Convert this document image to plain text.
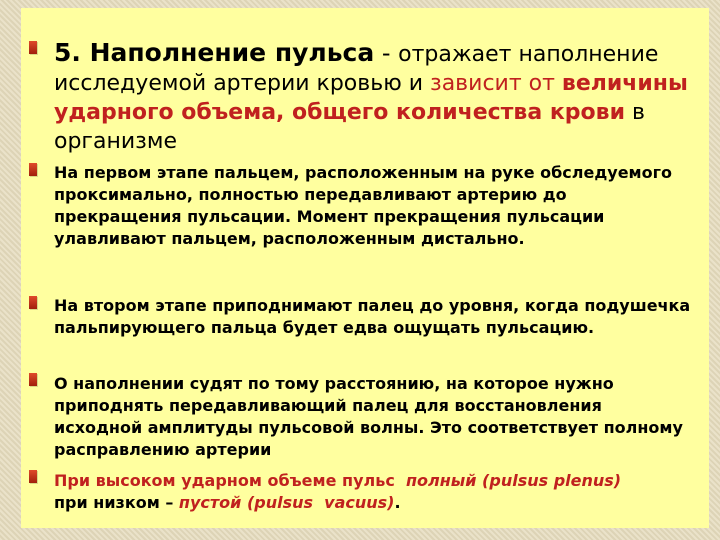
5. Наполнение пульса - отражает наполнение исследуемой артерии кровью и зависит от величины ударного объема, общего количества крови в организме
На первом этапе пальцем, расположенным на руке обследуемого проксимально, полностью передавливают артерию до прекращения пульсации. Момент прекращения пульсации улавливают пальцем, расположенным дистально.
На втором этапе приподнимают палец до уровня, когда подушечка пальпирующего пальца будет едва ощущать пульсацию.
О наполнении судят по тому расстоянию, на которое нужно приподнять передавливающий палец для восстановления исходной амплитуды пульсовой волны. Это соответствует полному расправлению артерии
При высоком ударном объеме пульс  полный (pulsus plenus)
при низком – пустой (pulsus  vacuus).
